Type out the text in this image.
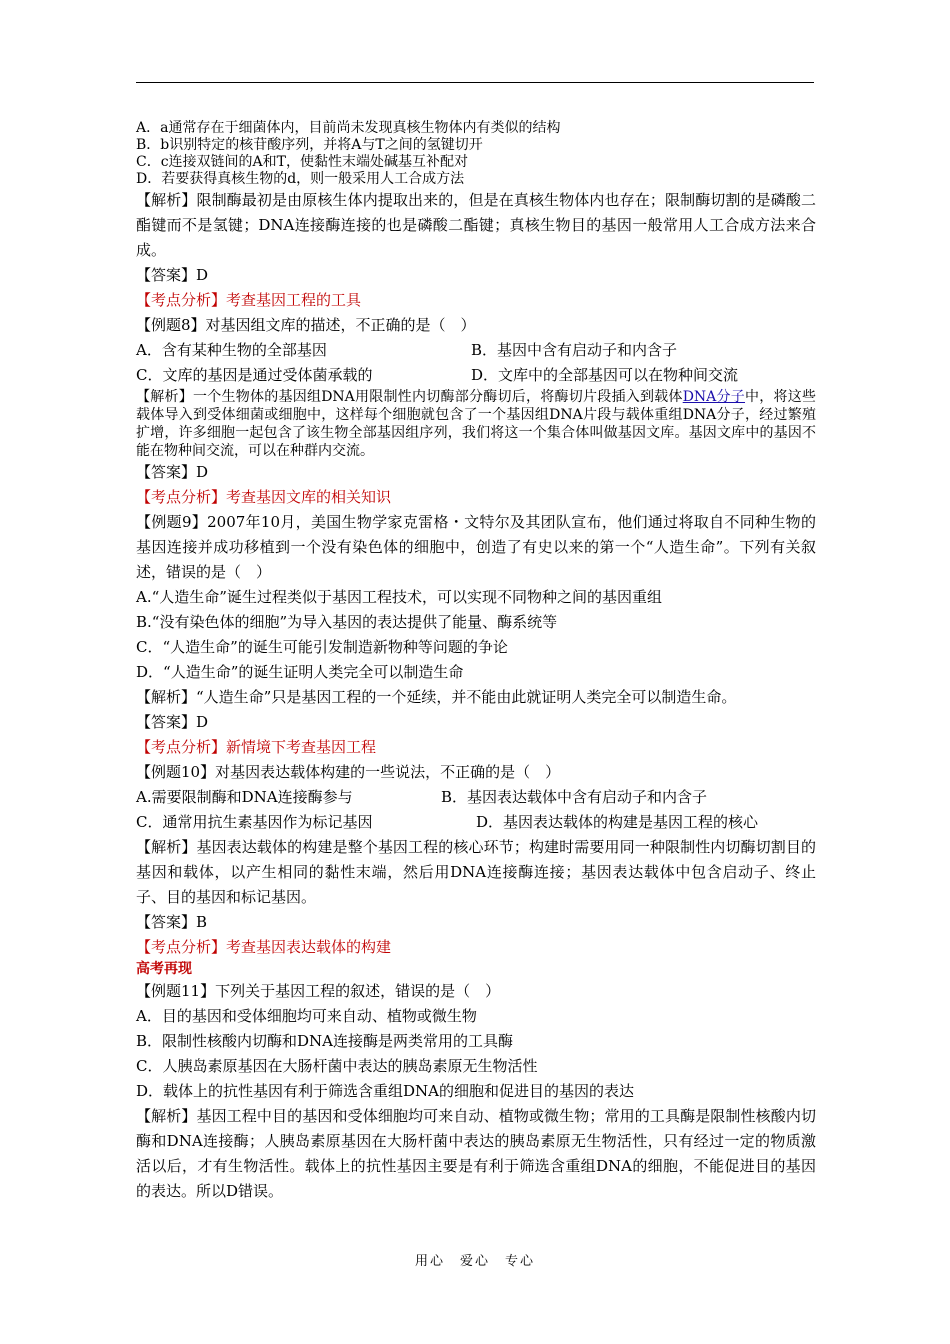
A．a通常存在于细菌体内，目前尚未发现真核生物体内有类似的结构
B．b识别特定的核苷酸序列，并将A与T之间的氢键切开
C．c连接双链间的A和T，使黏性末端处碱基互补配对
D．若要获得真核生物的d，则一般采用人工合成方法
【解析】限制酶最初是由原核生体内提取出来的，但是在真核生物体内也存在；限制酶切割的是磷酸二酯键而不是氢键；DNA连接酶连接的也是磷酸二酯键；真核生物目的基因一般常用人工合成方法来合成。
【答案】D
【考点分析】考查基因工程的工具
【例题8】对基因组文库的描述，不正确的是（　）
A．含有某种生物的全部基因	B．基因中含有启动子和内含子
C．文库的基因是通过受体菌承载的	D．文库中的全部基因可以在物种间交流
【解析】一个生物体的基因组DNA用限制性内切酶部分酶切后，将酶切片段插入到载体DNA分子中，将这些载体导入到受体细菌或细胞中，这样每个细胞就包含了一个基因组DNA片段与载体重组DNA分子，经过繁殖扩增，许多细胞一起包含了该生物全部基因组序列，我们将这一个集合体叫做基因文库。基因文库中的基因不能在物种间交流，可以在种群内交流。
【答案】D
【考点分析】考查基因文库的相关知识
【例题9】2007年10月，美国生物学家克雷格・文特尔及其团队宣布，他们通过将取自不同种生物的基因连接并成功移植到一个没有染色体的细胞中，创造了有史以来的第一个“人造生命”。下列有关叙述，错误的是（　）
A.“人造生命”诞生过程类似于基因工程技术，可以实现不同物种之间的基因重组
B.“没有染色体的细胞”为导入基因的表达提供了能量、酶系统等
C．“人造生命”的诞生可能引发制造新物种等问题的争论
D．“人造生命”的诞生证明人类完全可以制造生命
【解析】“人造生命”只是基因工程的一个延续，并不能由此就证明人类完全可以制造生命。
【答案】D
【考点分析】新情境下考查基因工程
【例题10】对基因表达载体构建的一些说法，不正确的是（　）
A.需要限制酶和DNA连接酶参与	B．基因表达载体中含有启动子和内含子
C．通常用抗生素基因作为标记基因	D．基因表达载体的构建是基因工程的核心
【解析】基因表达载体的构建是整个基因工程的核心环节；构建时需要用同一种限制性内切酶切割目的基因和载体，以产生相同的黏性末端，然后用DNA连接酶连接；基因表达载体中包含启动子、终止子、目的基因和标记基因。
【答案】B
【考点分析】考查基因表达载体的构建
高考再现
【例题11】下列关于基因工程的叙述，错误的是（　）
A．目的基因和受体细胞均可来自动、植物或微生物
B．限制性核酸内切酶和DNA连接酶是两类常用的工具酶
C．人胰岛素原基因在大肠杆菌中表达的胰岛素原无生物活性
D．载体上的抗性基因有利于筛选含重组DNA的细胞和促进目的基因的表达
【解析】基因工程中目的基因和受体细胞均可来自动、植物或微生物；常用的工具酶是限制性核酸内切酶和DNA连接酶；人胰岛素原基因在大肠杆菌中表达的胰岛素原无生物活性，只有经过一定的物质激活以后，才有生物活性。载体上的抗性基因主要是有利于筛选含重组DNA的细胞，不能促进目的基因的表达。所以D错误。
用心　爱心　专心
